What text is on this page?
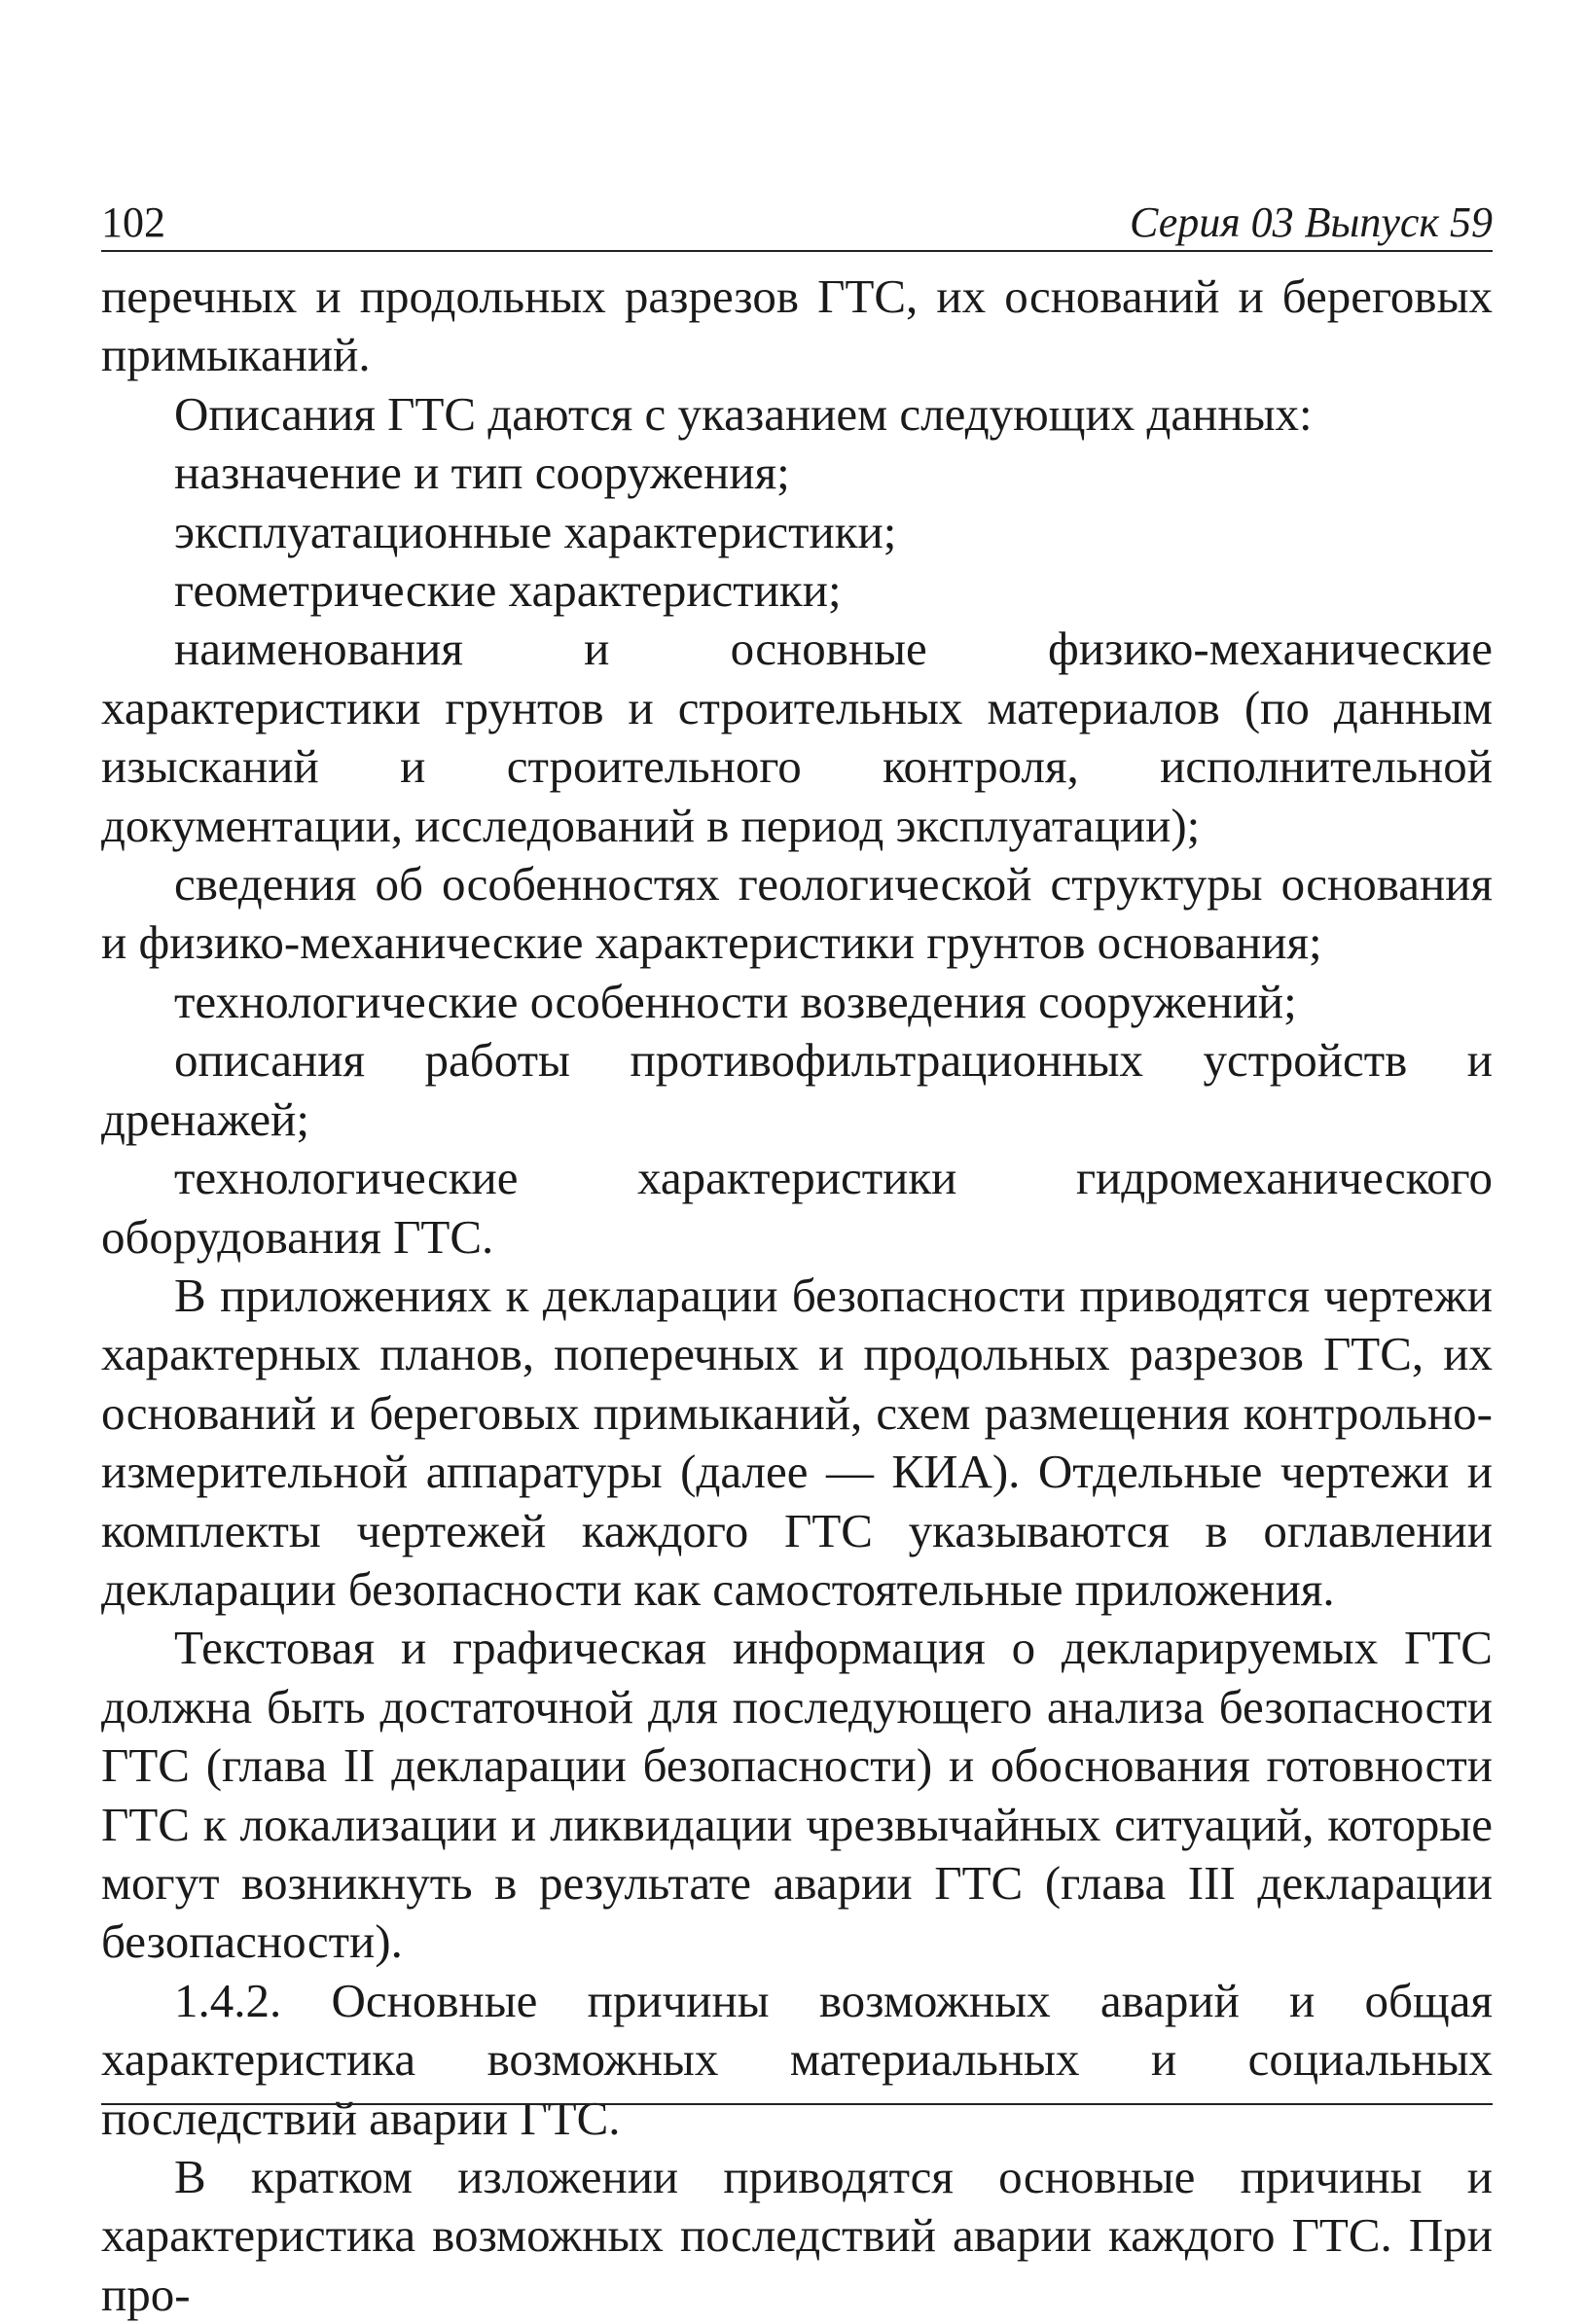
102	Серия 03 Выпуск 59

перечных и продольных разрезов ГТС, их оснований и береговых примыканий.

Описания ГТС даются с указанием следующих данных:

назначение и тип сооружения;

эксплуатационные характеристики;

геометрические характеристики;

наименования и основные физико-механические характеристики грунтов и строительных материалов (по данным изысканий и строительного контроля, исполнительной документации, исследований в период эксплуатации);

сведения об особенностях геологической структуры основания и физико-механические характеристики грунтов основания;

технологические особенности возведения сооружений;

описания работы противофильтрационных устройств и дренажей;

технологические характеристики гидромеханического оборудования ГТС.

В приложениях к декларации безопасности приводятся чертежи характерных планов, поперечных и продольных разрезов ГТС, их оснований и береговых примыканий, схем размещения контрольно-измерительной аппаратуры (далее — КИА). Отдельные чертежи и комплекты чертежей каждого ГТС указываются в оглавлении декларации безопасности как самостоятельные приложения.

Текстовая и графическая информация о декларируемых ГТС должна быть достаточной для последующего анализа безопасности ГТС (глава II декларации безопасности) и обоснования готовности ГТС к локализации и ликвидации чрезвычайных ситуаций, которые могут возникнуть в результате аварии ГТС (глава III декларации безопасности).

1.4.2. Основные причины возможных аварий и общая характеристика возможных материальных и социальных последствий аварии ГТС.

В кратком изложении приводятся основные причины и характеристика возможных последствий аварии каждого ГТС. При про-
